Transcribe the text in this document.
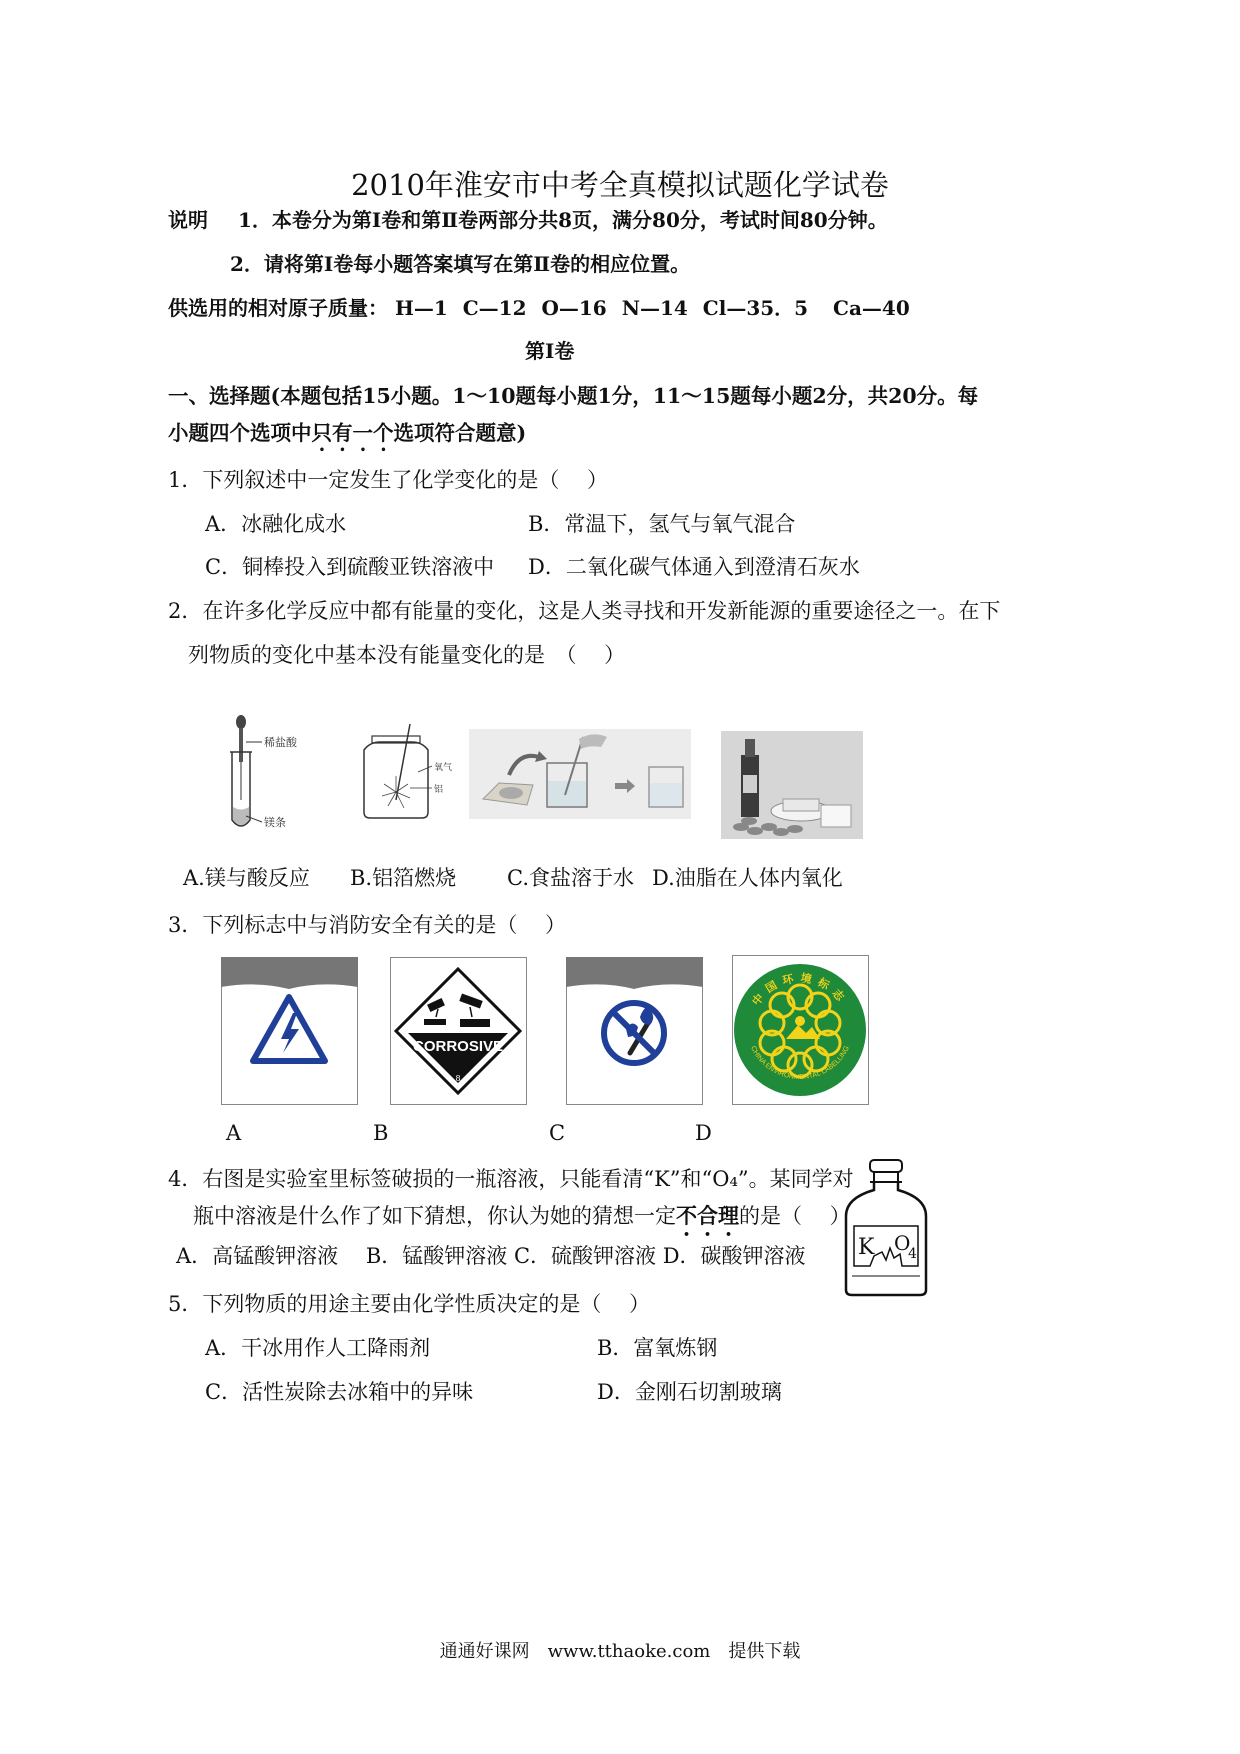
2010年淮安市中考全真模拟试题化学试卷
说明 1．本卷分为第Ⅰ卷和第Ⅱ卷两部分共8页，满分80分，考试时间80分钟。
2．请将第Ⅰ卷每小题答案填写在第Ⅱ卷的相应位置。
供选用的相对原子质量： H—1 C—12 O—16 N—14 Cl—35．5 Ca—40
第Ⅰ卷
一、选择题(本题包括15小题。1～10题每小题1分，11～15题每小题2分，共20分。每
小题四个选项中只有一个选项符合题意)
1．下列叙述中一定发生了化学变化的是（　 ）
A．冰融化成水	B．常温下，氢气与氧气混合
C．铜棒投入到硫酸亚铁溶液中 D．二氧化碳气体通入到澄清石灰水
2．在许多化学反应中都有能量的变化，这是人类寻找和开发新能源的重要途径之一。在下
列物质的变化中基本没有能量变化的是　（　 ）
稀盐酸
镁条
氧气
铝
A.镁与酸反应 B.铝箔燃烧 C.食盐溶于水 D.油脂在人体内氧化
3．下列标志中与消防安全有关的是（　 ）
CORROSIVE
8
中国环境标志
CHINA ENVIRONMENTAL LABELLING
A	B	C	D
4．右图是实验室里标签破损的一瓶溶液，只能看清“K”和“O₄”。某同学对
瓶中溶液是什么作了如下猜想，你认为她的猜想一定不合理的是（　 ）
A．高锰酸钾溶液　 B．锰酸钾溶液 C．硫酸钾溶液 D．碳酸钾溶液 K O
4
5．下列物质的用途主要由化学性质决定的是（　 ）
A．干冰用作人工降雨剂	B．富氧炼钢
C．活性炭除去冰箱中的异味	D．金刚石切割玻璃
通通好课网　www.tthaoke.com　提供下载
